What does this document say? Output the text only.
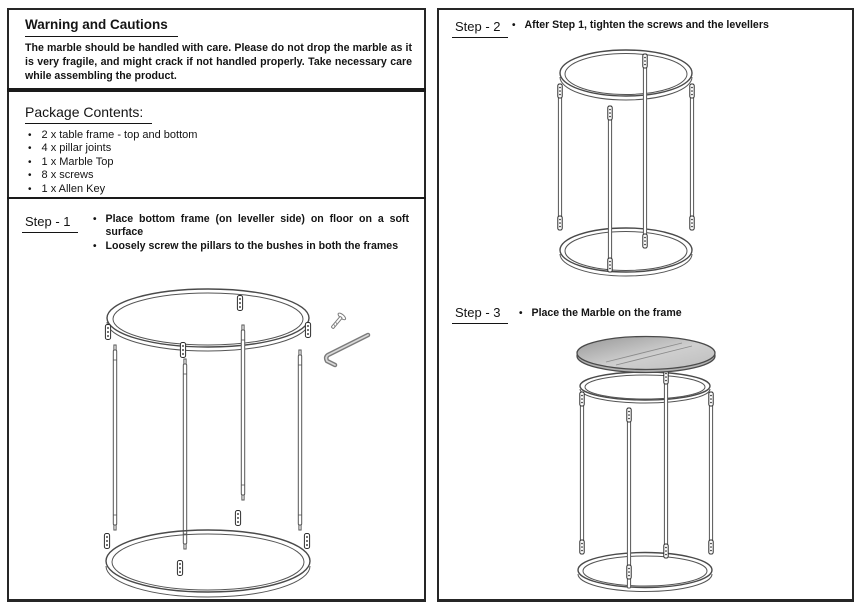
Warning and Cautions

The marble should be handled with care. Please do not drop the marble as it is very fragile, and might crack if not handled properly. Take necessary care while assembling the product.

Package Contents:
• 2 x table frame - top and bottom
• 4 x pillar joints
• 1 x Marble Top
• 8 x screws
• 1 x Allen Key
Step - 1	• Place bottom frame (on leveller side) on floor on a soft surface
• Loosely screw the pillars to the bushes in both the frames
Step - 2	• After Step 1, tighten the screws and the levellers
Step - 3	• Place the Marble on the frame
